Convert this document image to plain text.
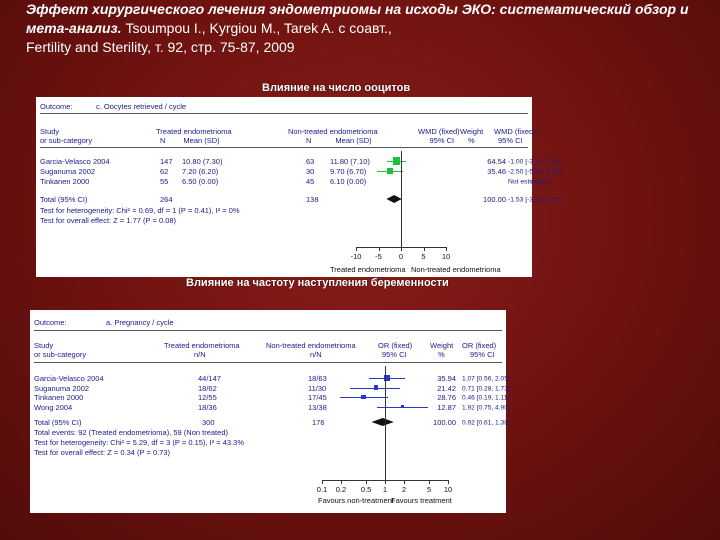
Эффект хирургического лечения эндометриомы на исходы ЭКО: систематический обзор и мета-анализ. Tsoumpou I., Kyrgiou M., Tarek A. с соавт.,
Fertility and Sterility, т. 92, стр. 75-87, 2009
Влияние на число ооцитов
Outcome:	c. Oocytes retrieved / cycle
Study
or sub-category
Treated endometrioma
N Mean (SD)
Non-treated endometrioma
N	Mean (SD)
WMD (fixed)
95% CI
Weight
%
WMD (fixed)
95% CI
Garcia-Velasco 2004	147 10.80 (7.30)	63 11.80 (7.10)	64.54 -1.00 [-3.11, 1.11]
Suganuma 2002	62 7.20 (6.20)	30 9.70 (6.70)	35.46 -2.50 [-5.35, 0.35]
Tinkanen 2000	55 6.50 (0.00)	45 6.10 (0.00)	Not estimable
Total (95% CI)	264	138	100.00 -1.53 [-3.23, 0.17]
Test for heterogeneity: Chi² = 0.69, df = 1 (P = 0.41), I² = 0%
Test for overall effect: Z = 1.77 (P = 0.08)
-10	-5	0	5	10
Treated endometrioma Non-treated endometrioma
Влияние на частоту наступления беременности
Outcome:	a. Pregnancy / cycle
Study
or sub-category
Treated endometrioma
n/N
Non-treated endometrioma
n/N
OR (fixed)
95% CI
Weight
%
OR (fixed)
95% CI
Garcia-Velasco 2004	44/147	18/63	35.94 1.07 [0.56, 2.05]
Suganuma 2002	18/62	11/30	21.42 0.71 [0.28, 1.73]
Tinkanen 2000	12/55	17/45	28.76 0.46 [0.19, 1.11]
Wong 2004	18/36	13/38	12.87 1.92 [0.75, 4.90]
Total (95% CI)	300	176	100.00 0.92 [0.61, 1.38]
Total events: 92 (Treated endometrioma), 59 (Non treated)
Test for heterogeneity: Chi² = 5.29, df = 3 (P = 0.15), I² = 43.3%
Test for overall effect: Z = 0.34 (P = 0.73)
0.1 0.2 0.5	1	2	5	10
Favours non-treatment
Favours treatment
